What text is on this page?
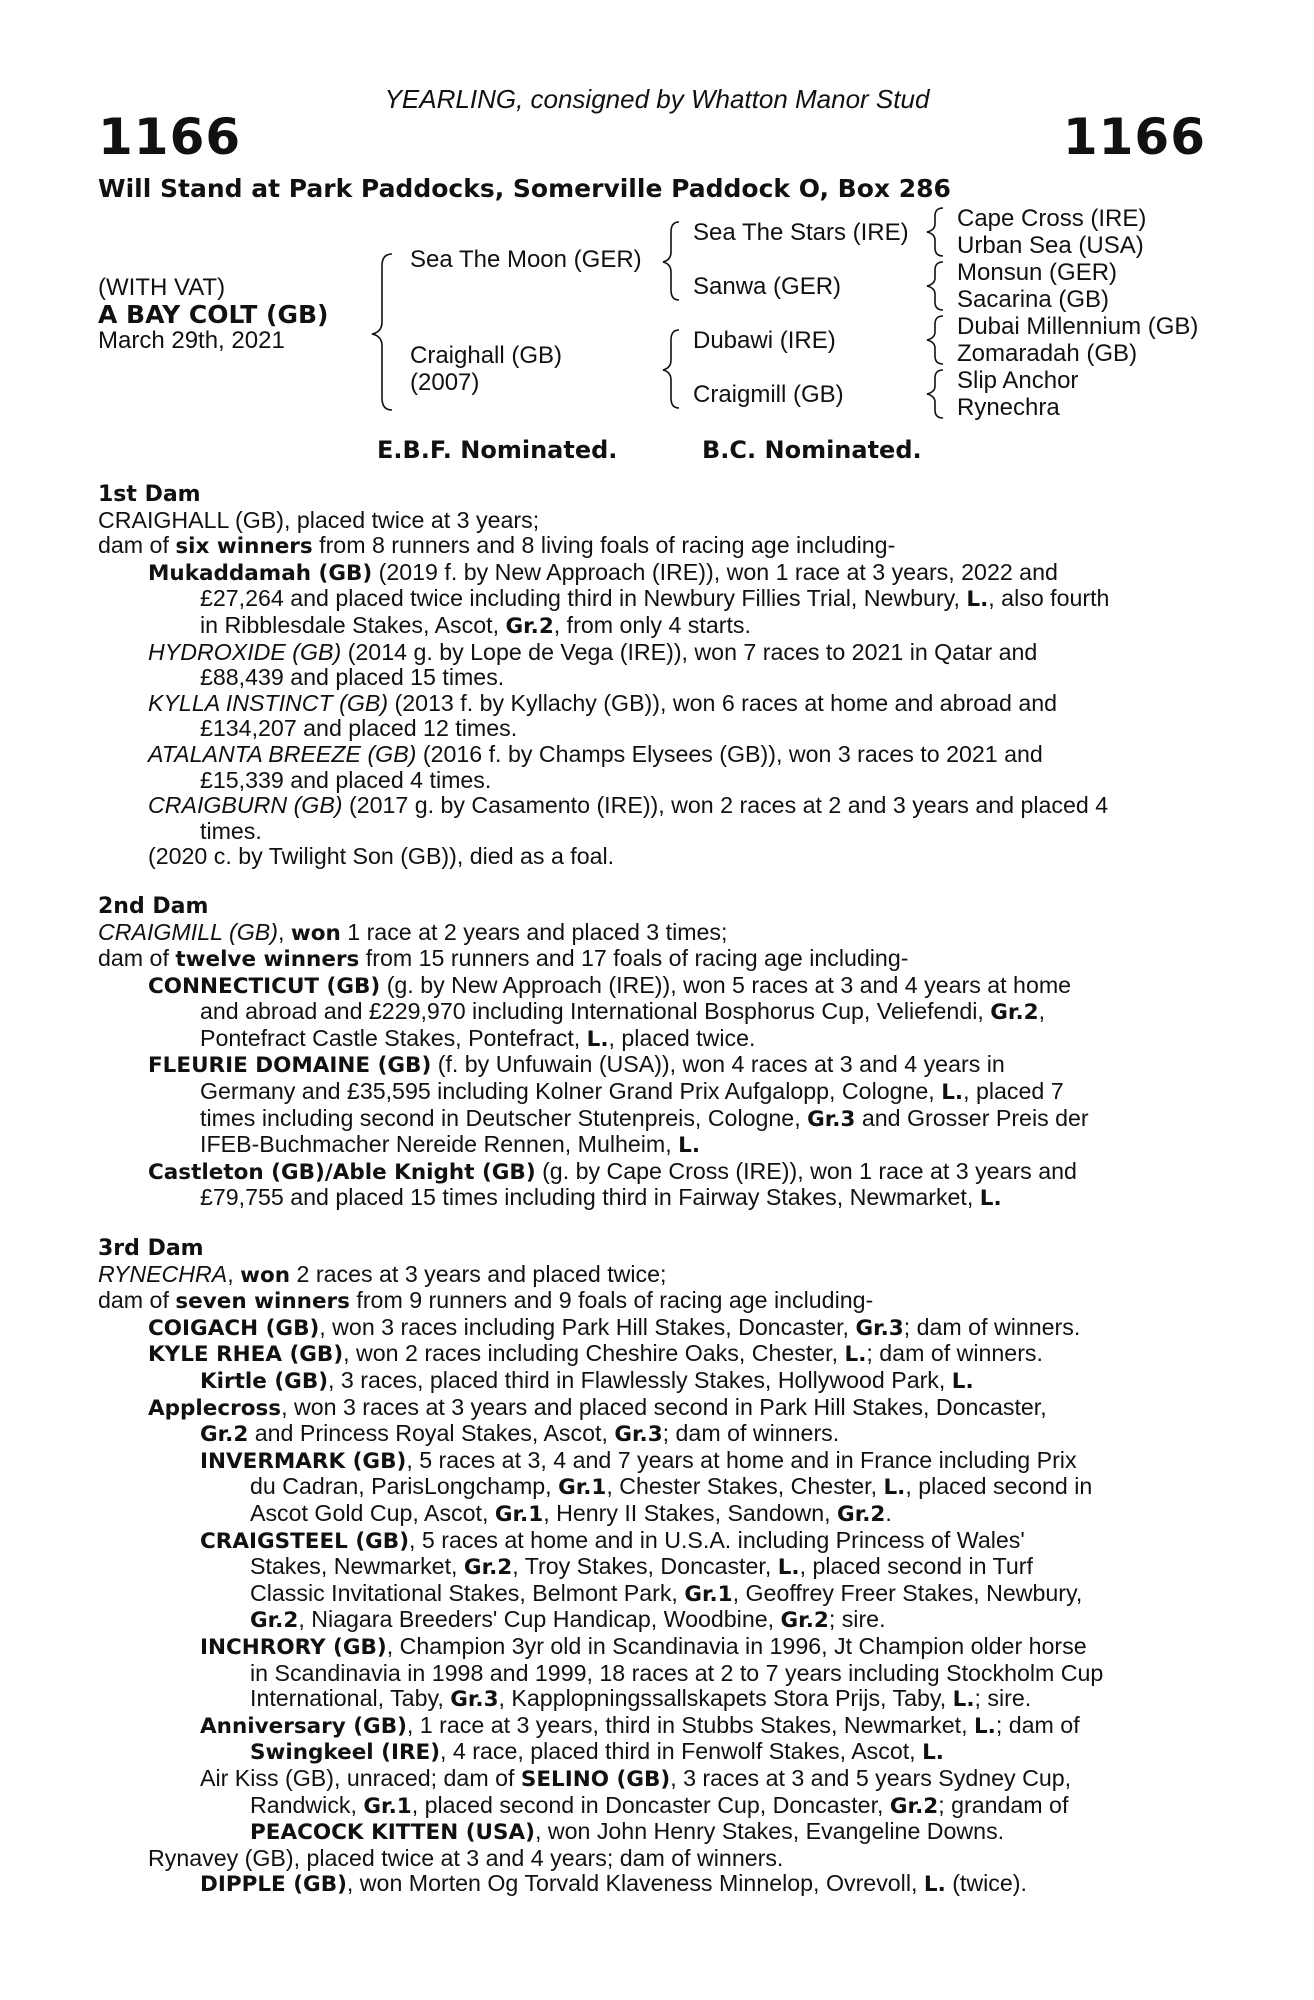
YEARLING, consigned by Whatton Manor Stud
1166	1166
Will Stand at Park Paddocks, Somerville Paddock O, Box 286
(WITH VAT)
A BAY COLT (GB)
March 29th, 2021
Sea The Moon (GER)
Craighall (GB)
(2007)
Sea The Stars (IRE)
Sanwa (GER)
Dubawi (IRE)
Craigmill (GB)
Cape Cross (IRE)
Urban Sea (USA)
Monsun (GER)
Sacarina (GB)
Dubai Millennium (GB)
Zomaradah (GB)
Slip Anchor
Rynechra
E.B.F. Nominated.	B.C. Nominated.
1st Dam
CRAIGHALL (GB), placed twice at 3 years;
dam of six winners from 8 runners and 8 living foals of racing age including-
Mukaddamah (GB) (2019 f. by New Approach (IRE)), won 1 race at 3 years, 2022 and
£27,264 and placed twice including third in Newbury Fillies Trial, Newbury, L., also fourth
in Ribblesdale Stakes, Ascot, Gr.2, from only 4 starts.
HYDROXIDE (GB) (2014 g. by Lope de Vega (IRE)), won 7 races to 2021 in Qatar and
£88,439 and placed 15 times.
KYLLA INSTINCT (GB) (2013 f. by Kyllachy (GB)), won 6 races at home and abroad and
£134,207 and placed 12 times.
ATALANTA BREEZE (GB) (2016 f. by Champs Elysees (GB)), won 3 races to 2021 and
£15,339 and placed 4 times.
CRAIGBURN (GB) (2017 g. by Casamento (IRE)), won 2 races at 2 and 3 years and placed 4
times.
(2020 c. by Twilight Son (GB)), died as a foal.
2nd Dam
CRAIGMILL (GB), won 1 race at 2 years and placed 3 times;
dam of twelve winners from 15 runners and 17 foals of racing age including-
CONNECTICUT (GB) (g. by New Approach (IRE)), won 5 races at 3 and 4 years at home
and abroad and £229,970 including International Bosphorus Cup, Veliefendi, Gr.2,
Pontefract Castle Stakes, Pontefract, L., placed twice.
FLEURIE DOMAINE (GB) (f. by Unfuwain (USA)), won 4 races at 3 and 4 years in
Germany and £35,595 including Kolner Grand Prix Aufgalopp, Cologne, L., placed 7
times including second in Deutscher Stutenpreis, Cologne, Gr.3 and Grosser Preis der
IFEB-Buchmacher Nereide Rennen, Mulheim, L.
Castleton (GB)/Able Knight (GB) (g. by Cape Cross (IRE)), won 1 race at 3 years and
£79,755 and placed 15 times including third in Fairway Stakes, Newmarket, L.
3rd Dam
RYNECHRA, won 2 races at 3 years and placed twice;
dam of seven winners from 9 runners and 9 foals of racing age including-
COIGACH (GB), won 3 races including Park Hill Stakes, Doncaster, Gr.3; dam of winners.
KYLE RHEA (GB), won 2 races including Cheshire Oaks, Chester, L.; dam of winners.
Kirtle (GB), 3 races, placed third in Flawlessly Stakes, Hollywood Park, L.
Applecross, won 3 races at 3 years and placed second in Park Hill Stakes, Doncaster,
Gr.2 and Princess Royal Stakes, Ascot, Gr.3; dam of winners.
INVERMARK (GB), 5 races at 3, 4 and 7 years at home and in France including Prix
du Cadran, ParisLongchamp, Gr.1, Chester Stakes, Chester, L., placed second in
Ascot Gold Cup, Ascot, Gr.1, Henry II Stakes, Sandown, Gr.2.
CRAIGSTEEL (GB), 5 races at home and in U.S.A. including Princess of Wales'
Stakes, Newmarket, Gr.2, Troy Stakes, Doncaster, L., placed second in Turf
Classic Invitational Stakes, Belmont Park, Gr.1, Geoffrey Freer Stakes, Newbury,
Gr.2, Niagara Breeders' Cup Handicap, Woodbine, Gr.2; sire.
INCHRORY (GB), Champion 3yr old in Scandinavia in 1996, Jt Champion older horse
in Scandinavia in 1998 and 1999, 18 races at 2 to 7 years including Stockholm Cup
International, Taby, Gr.3, Kapplopningssallskapets Stora Prijs, Taby, L.; sire.
Anniversary (GB), 1 race at 3 years, third in Stubbs Stakes, Newmarket, L.; dam of
Swingkeel (IRE), 4 race, placed third in Fenwolf Stakes, Ascot, L.
Air Kiss (GB), unraced; dam of SELINO (GB), 3 races at 3 and 5 years Sydney Cup,
Randwick, Gr.1, placed second in Doncaster Cup, Doncaster, Gr.2; grandam of
PEACOCK KITTEN (USA), won John Henry Stakes, Evangeline Downs.
Rynavey (GB), placed twice at 3 and 4 years; dam of winners.
DIPPLE (GB), won Morten Og Torvald Klaveness Minnelop, Ovrevoll, L. (twice).
